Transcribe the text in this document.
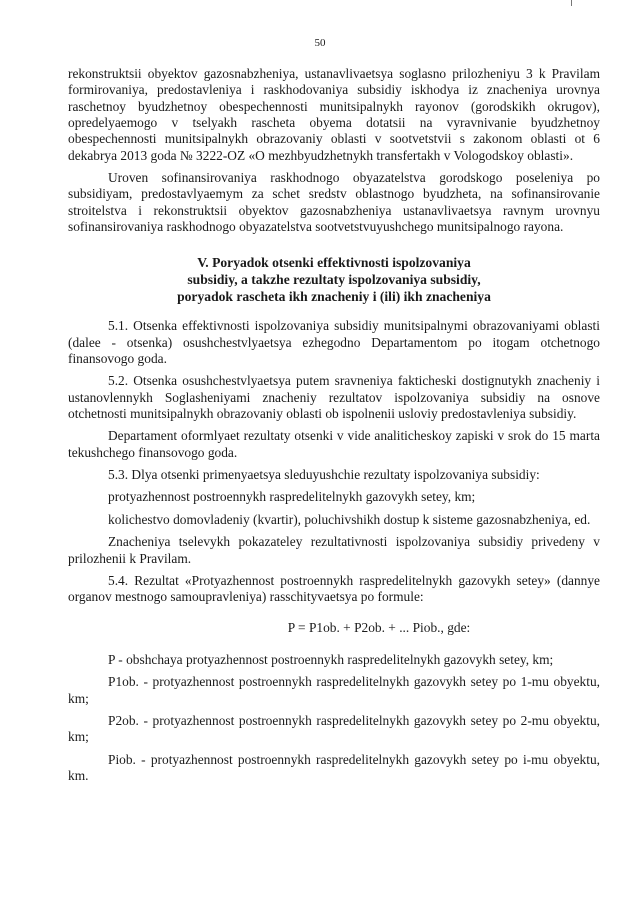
50

rekonstruktsii obyektov gazosnabzheniya, ustanavlivaetsya soglasno prilozheniyu 3 k Pravilam formirovaniya, predostavleniya i raskhodovaniya subsidiy iskhodya iz znacheniya urovnya raschetnoy byudzhetnoy obespechennosti munitsipalnykh rayonov (gorodskikh okrugov), opredelyaemogo v tselyakh rascheta obyema dotatsii na vyravnivanie byudzhetnoy obespechennosti munitsipalnykh obrazovaniy oblasti v sootvetstvii s zakonom oblasti ot 6 dekabrya 2013 goda № 3222-OZ «O mezhbyudzhetnykh transfertakh v Vologodskoy oblasti».

Uroven sofinansirovaniya raskhodnogo obyazatelstva gorodskogo poseleniya po subsidiyam, predostavlyaemym za schet sredstv oblastnogo byudzheta, na sofinansirovanie stroitelstva i rekonstruktsii obyektov gazosnabzheniya ustanavlivaetsya ravnym urovnyu sofinansirovaniya raskhodnogo obyazatelstva sootvetstvuyushchego munitsipalnogo rayona.

V. Poryadok otsenki effektivnosti ispolzovaniya
subsidiy, a takzhe rezultaty ispolzovaniya subsidiy,
poryadok rascheta ikh znacheniy i (ili) ikh znacheniya

5.1. Otsenka effektivnosti ispolzovaniya subsidiy munitsipalnymi obrazovaniyami oblasti (dalee - otsenka) osushchestvlyaetsya ezhegodno Departamentom po itogam otchetnogo finansovogo goda.

5.2. Otsenka osushchestvlyaetsya putem sravneniya fakticheski dostignutykh znacheniy i ustanovlennykh Soglasheniyami znacheniy rezultatov ispolzovaniya subsidiy na osnove otchetnosti munitsipalnykh obrazovaniy oblasti ob ispolnenii usloviy predostavleniya subsidiy.

Departament oformlyaet rezultaty otsenki v vide analiticheskoy zapiski v srok do 15 marta tekushchego finansovogo goda.

5.3. Dlya otsenki primenyaetsya sleduyushchie rezultaty ispolzovaniya subsidiy:

protyazhennost postroennykh raspredelitelnykh gazovykh setey, km;

kolichestvo domovladeniy (kvartir), poluchivshikh dostup k sisteme gazosnabzheniya, ed.

Znacheniya tselevykh pokazateley rezultativnosti ispolzovaniya subsidiy privedeny v prilozhenii k Pravilam.

5.4. Rezultat «Protyazhennost postroennykh raspredelitelnykh gazovykh setey» (dannye organov mestnogo samoupravleniya) rasschityvaetsya po formule:

P = P1ob. + P2ob. + ... Piob., gde:

P - obshchaya protyazhennost postroennykh raspredelitelnykh gazovykh setey, km;

P1ob. - protyazhennost postroennykh raspredelitelnykh gazovykh setey po 1-mu obyektu, km;

P2ob. - protyazhennost postroennykh raspredelitelnykh gazovykh setey po 2-mu obyektu, km;

Piob. - protyazhennost postroennykh raspredelitelnykh gazovykh setey po i-mu obyektu, km.
